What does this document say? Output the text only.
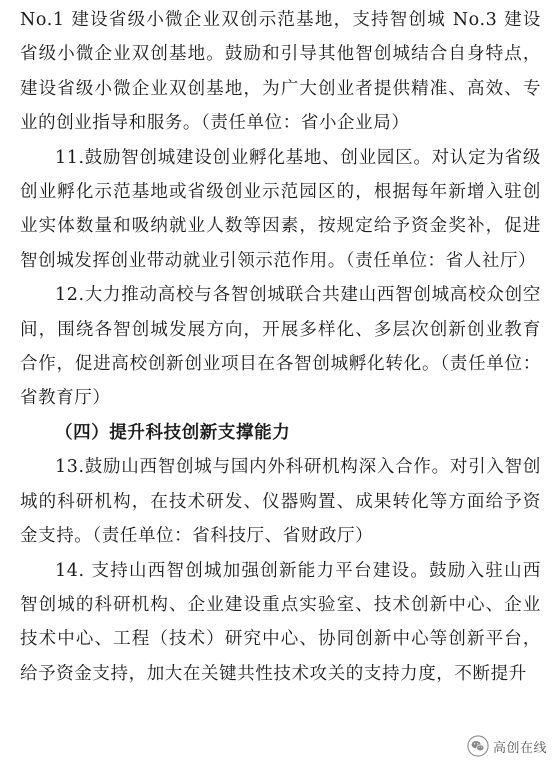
No.1 建设省级小微企业双创示范基地，支持智创城 No.3 建设省级小微企业双创基地。鼓励和引导其他智创城结合自身特点，建设省级小微企业双创基地，为广大创业者提供精准、高效、专业的创业指导和服务。（责任单位：省小企业局）

11.鼓励智创城建设创业孵化基地、创业园区。对认定为省级创业孵化示范基地或省级创业示范园区的，根据每年新增入驻创业实体数量和吸纳就业人数等因素，按规定给予资金奖补，促进智创城发挥创业带动就业引领示范作用。（责任单位：省人社厅）

12.大力推动高校与各智创城联合共建山西智创城高校众创空间，围绕各智创城发展方向，开展多样化、多层次创新创业教育合作，促进高校创新创业项目在各智创城孵化转化。（责任单位：省教育厅）

（四）提升科技创新支撑能力

13.鼓励山西智创城与国内外科研机构深入合作。对引入智创城的科研机构，在技术研发、仪器购置、成果转化等方面给予资金支持。（责任单位：省科技厅、省财政厅）

14. 支持山西智创城加强创新能力平台建设。鼓励入驻山西智创城的科研机构、企业建设重点实验室、技术创新中心、企业技术中心、工程（技术）研究中心、协同创新中心等创新平台，给予资金支持，加大在关键共性技术攻关的支持力度，不断提升

高创在线
